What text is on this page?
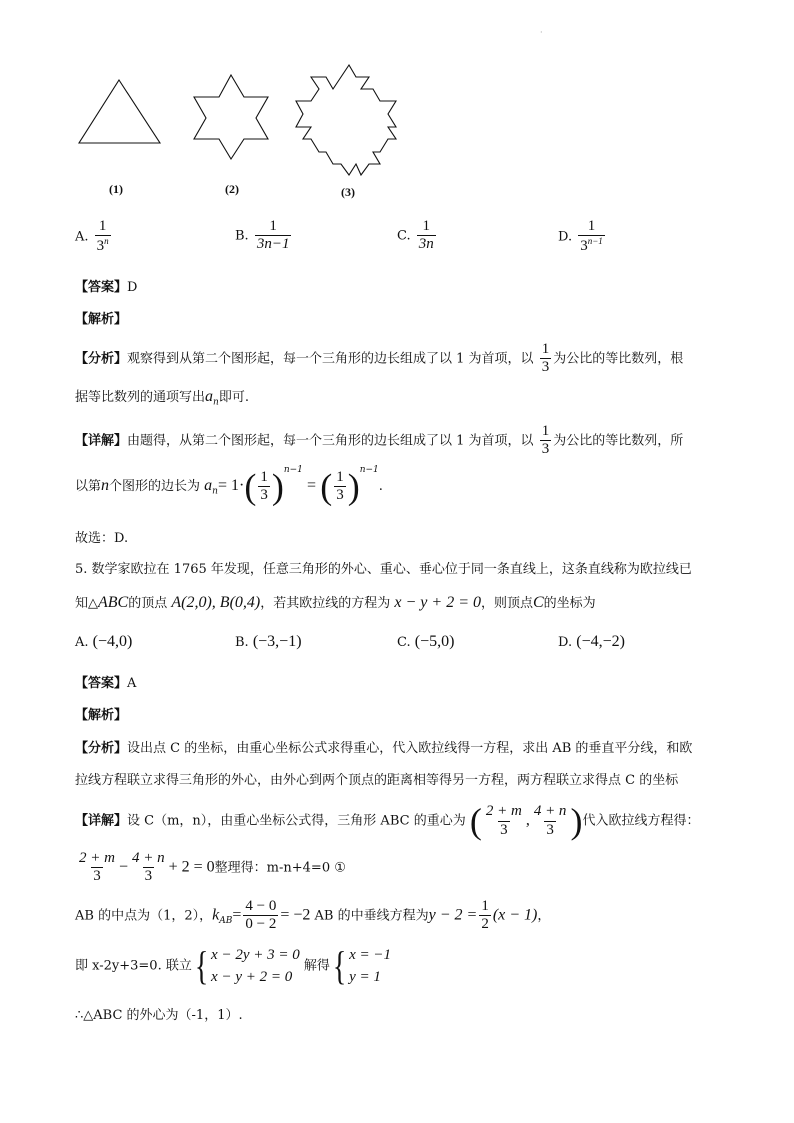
(1)	(2)	(3)
A. $\frac{1}{3^n}$	B. $\frac{1}{3n-1}$	C. $\frac{1}{3n}$	D. $\frac{1}{3^{n-1}}$
【答案】D
【解析】
【分析】观察得到从第二个图形起，每一个三角形的边长组成了以 1 为首项，以 $\frac{1}{3}$ 为公比的等比数列，根
据等比数列的通项写出$a_n$即可.
【详解】由题得，从第二个图形起，每一个三角形的边长组成了以 1 为首项，以 $\frac{1}{3}$ 为公比的等比数列，所
以第n个图形的边长为 $a_n= 1\cdot( \frac{1}{3} )^{n-1}$ = ( $\frac{1}{3} )^{n-1}$.
故选：D.
5. 数学家欧拉在 1765 年发现，任意三角形的外心、重心、垂心位于同一条直线上，这条直线称为欧拉线已
知△ABC的顶点 A(2,0), B(0,4)，若其欧拉线的方程为 x − y + 2 = 0，则顶点C的坐标为
A. (−4,0)	B. (−3,−1)	C. (−5,0)	D. (−4,−2)
【答案】A
【解析】
【分析】设出点 C 的坐标，由重心坐标公式求得重心，代入欧拉线得一方程，求出 AB 的垂直平分线，和欧
拉线方程联立求得三角形的外心，由外心到两个顶点的距离相等得另一方程，两方程联立求得点 C 的坐标
【详解】设 C（m，n），由重心坐标公式得，三角形 ABC 的重心为 ( $\frac{2 + m}{3}$ , $\frac{4 + n}{3}$ )代入欧拉线方程得：
$\frac{2 + m}{3} - \frac{4 + n}{3} + 2 = 0$整理得：m-n+4=0 ①
AB 的中点为（1，2），$k_{AB}= \frac{4 - 0}{0 - 2} = -2$ AB 的中垂线方程为$y - 2 = \frac{1}{2} (x - 1)$，
即 x-2y+3=0. 联立{ x − 2y + 3 = 0
x − y + 2 = 0
解得{ x = −1
y = 1
∴△ABC 的外心为（-1，1）.
·
